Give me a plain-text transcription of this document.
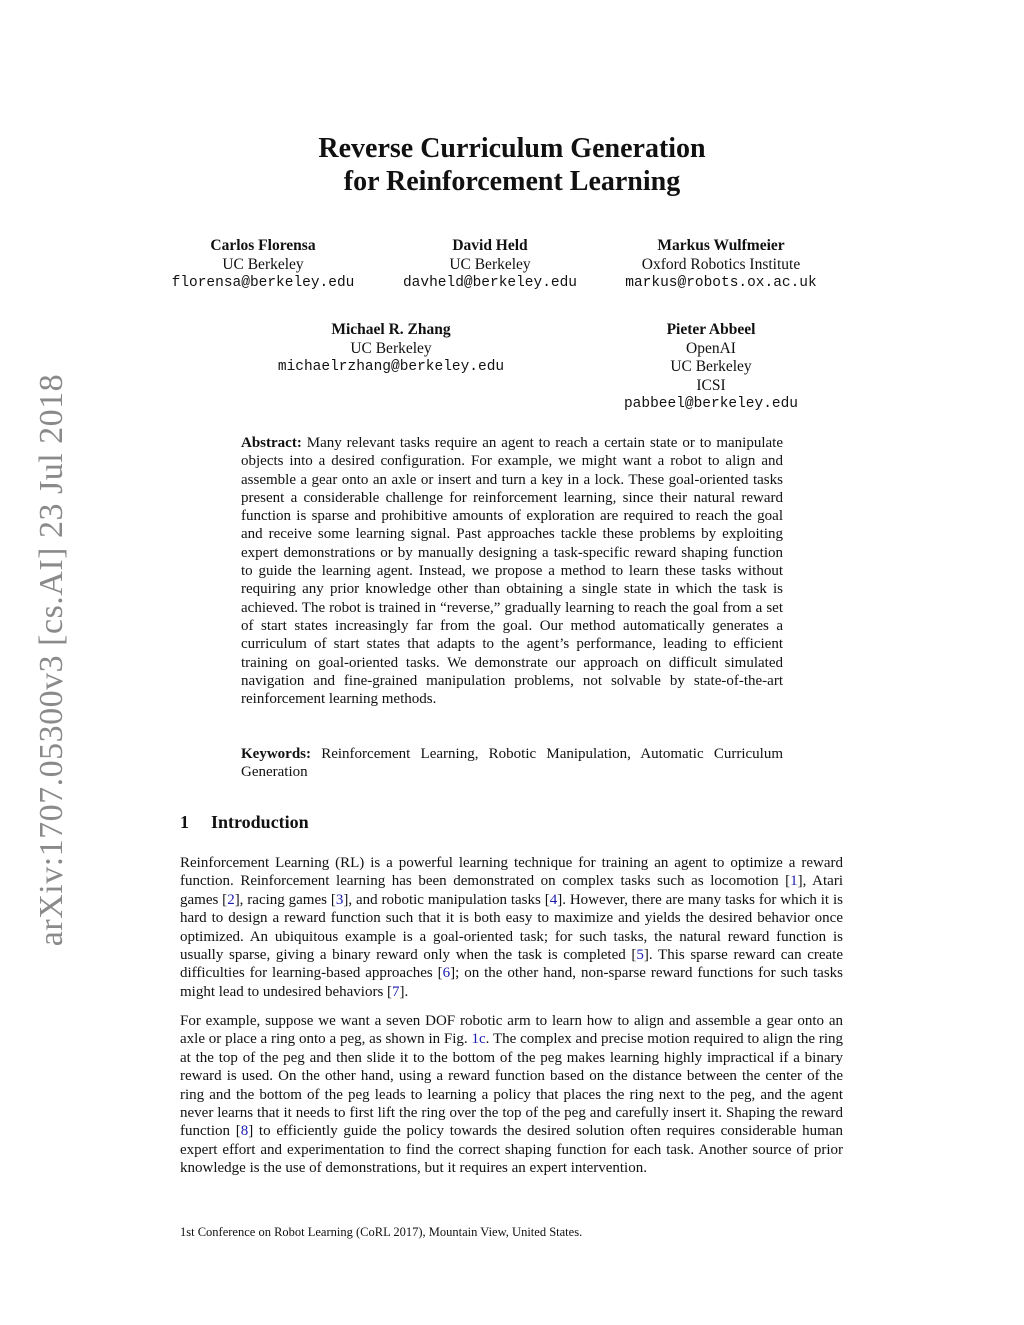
arXiv:1707.05300v3 [cs.AI] 23 Jul 2018
Reverse Curriculum Generation
for Reinforcement Learning
Carlos Florensa
UC Berkeley
florensa@berkeley.edu
David Held
UC Berkeley
davheld@berkeley.edu
Markus Wulfmeier
Oxford Robotics Institute
markus@robots.ox.ac.uk
Michael R. Zhang
UC Berkeley
michaelrzhang@berkeley.edu
Pieter Abbeel
OpenAI
UC Berkeley
ICSI
pabbeel@berkeley.edu
Abstract: Many relevant tasks require an agent to reach a certain state or to manipulate objects into a desired configuration. For example, we might want a robot to align and assemble a gear onto an axle or insert and turn a key in a lock. These goal-oriented tasks present a considerable challenge for reinforcement learning, since their natural reward function is sparse and prohibitive amounts of exploration are required to reach the goal and receive some learning signal. Past approaches tackle these problems by exploiting expert demonstrations or by manually designing a task-specific reward shaping function to guide the learning agent. Instead, we propose a method to learn these tasks without requiring any prior knowledge other than obtaining a single state in which the task is achieved. The robot is trained in “reverse,” gradually learning to reach the goal from a set of start states increasingly far from the goal. Our method automatically generates a curriculum of start states that adapts to the agent’s performance, leading to efficient training on goal-oriented tasks. We demonstrate our approach on difficult simulated navigation and fine-grained manipulation problems, not solvable by state-of-the-art reinforcement learning methods.
Keywords: Reinforcement Learning, Robotic Manipulation, Automatic Curriculum Generation
1 Introduction
Reinforcement Learning (RL) is a powerful learning technique for training an agent to optimize a reward function. Reinforcement learning has been demonstrated on complex tasks such as locomotion [1], Atari games [2], racing games [3], and robotic manipulation tasks [4]. However, there are many tasks for which it is hard to design a reward function such that it is both easy to maximize and yields the desired behavior once optimized. An ubiquitous example is a goal-oriented task; for such tasks, the natural reward function is usually sparse, giving a binary reward only when the task is completed [5]. This sparse reward can create difficulties for learning-based approaches [6]; on the other hand, non-sparse reward functions for such tasks might lead to undesired behaviors [7].
For example, suppose we want a seven DOF robotic arm to learn how to align and assemble a gear onto an axle or place a ring onto a peg, as shown in Fig. 1c. The complex and precise motion required to align the ring at the top of the peg and then slide it to the bottom of the peg makes learning highly impractical if a binary reward is used. On the other hand, using a reward function based on the distance between the center of the ring and the bottom of the peg leads to learning a policy that places the ring next to the peg, and the agent never learns that it needs to first lift the ring over the top of the peg and carefully insert it. Shaping the reward function [8] to efficiently guide the policy towards the desired solution often requires considerable human expert effort and experimentation to find the correct shaping function for each task. Another source of prior knowledge is the use of demonstrations, but it requires an expert intervention.
1st Conference on Robot Learning (CoRL 2017), Mountain View, United States.
